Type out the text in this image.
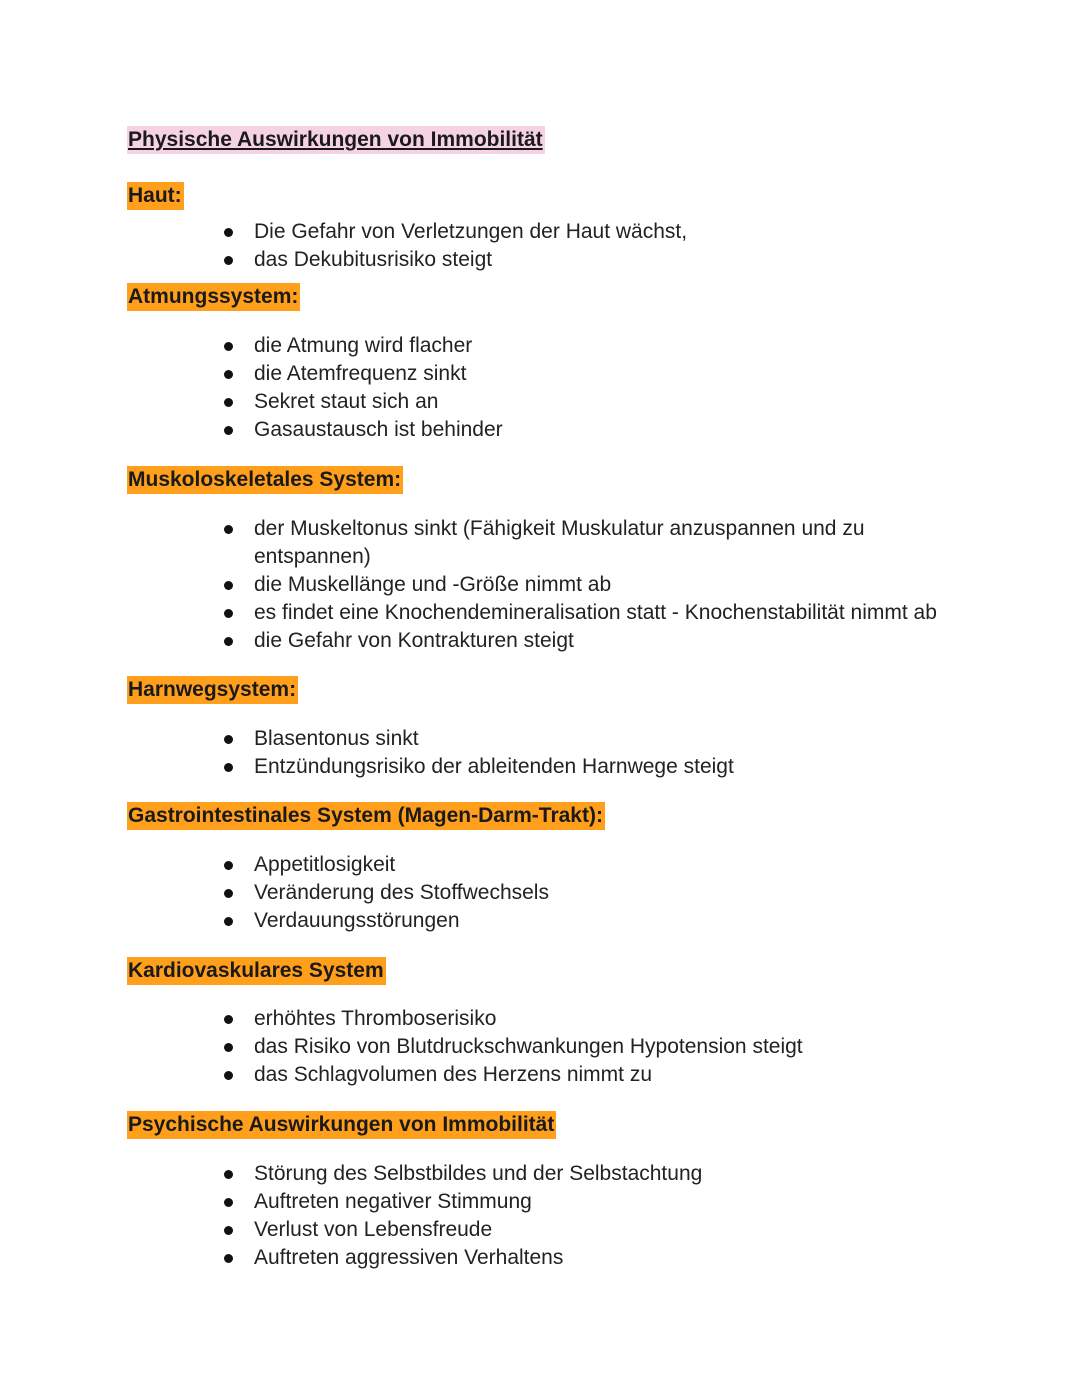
Physische Auswirkungen von Immobilität
Haut:
Die Gefahr von Verletzungen der Haut wächst,
das Dekubitusrisiko steigt
Atmungssystem:
die Atmung wird flacher
die Atemfrequenz sinkt
Sekret staut sich an
Gasaustausch ist behinder
Muskoloskeletales System:
der Muskeltonus sinkt (Fähigkeit Muskulatur anzuspannen und zu entspannen)
die Muskellänge und -Größe nimmt ab
es findet eine Knochendemineralisation statt - Knochenstabilität nimmt ab
die Gefahr von Kontrakturen steigt
Harnwegsystem:
Blasentonus sinkt
Entzündungsrisiko der ableitenden Harnwege steigt
Gastrointestinales System (Magen-Darm-Trakt):
Appetitlosigkeit
Veränderung des Stoffwechsels
Verdauungsstörungen
Kardiovaskulares System
erhöhtes Thromboserisiko
das Risiko von Blutdruckschwankungen Hypotension steigt
das Schlagvolumen des Herzens nimmt zu
Psychische Auswirkungen von Immobilität
Störung des Selbstbildes und der Selbstachtung
Auftreten negativer Stimmung
Verlust von Lebensfreude
Auftreten aggressiven Verhaltens
